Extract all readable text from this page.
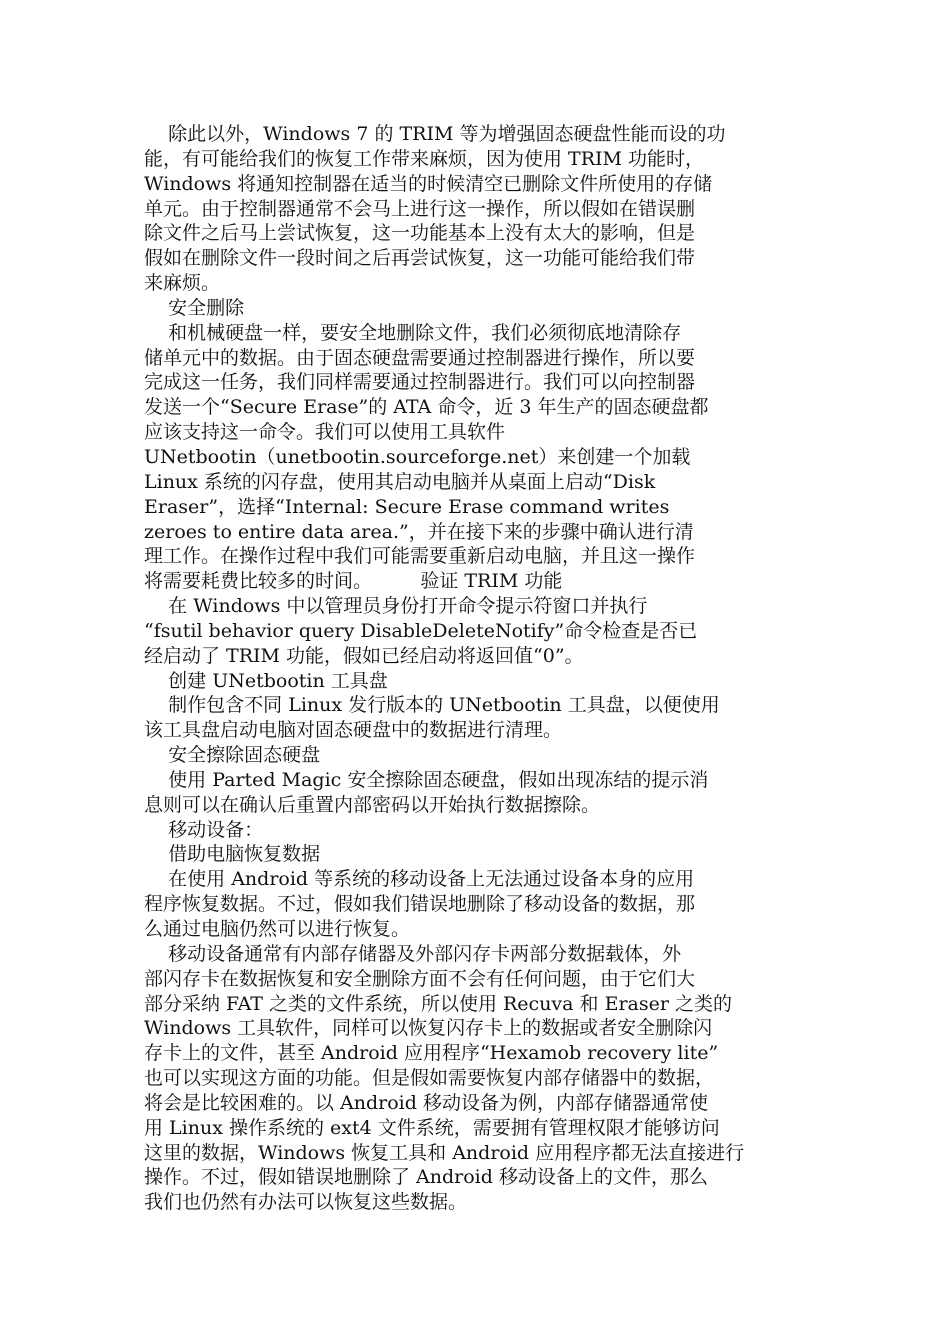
除此以外，Windows 7 的 TRIM 等为增强固态硬盘性能而设的功
能，有可能给我们的恢复工作带来麻烦，因为使用 TRIM 功能时，
Windows 将通知控制器在适当的时候清空已删除文件所使用的存储
单元。由于控制器通常不会马上进行这一操作，所以假如在错误删
除文件之后马上尝试恢复，这一功能基本上没有太大的影响，但是
假如在删除文件一段时间之后再尝试恢复，这一功能可能给我们带
来麻烦。
安全删除
和机械硬盘一样，要安全地删除文件，我们必须彻底地清除存
储单元中的数据。由于固态硬盘需要通过控制器进行操作，所以要
完成这一任务，我们同样需要通过控制器进行。我们可以向控制器
发送一个“Secure Erase”的 ATA 命令，近 3 年生产的固态硬盘都
应该支持这一命令。我们可以使用工具软件
UNetbootin（unetbootin.sourceforge.net）来创建一个加载
Linux 系统的闪存盘，使用其启动电脑并从桌面上启动“Disk
Eraser”，选择“Internal: Secure Erase command writes
zeroes to entire data area.”，并在接下来的步骤中确认进行清
理工作。在操作过程中我们可能需要重新启动电脑，并且这一操作
将需要耗费比较多的时间。        验证 TRIM 功能
在 Windows 中以管理员身份打开命令提示符窗口并执行
“fsutil behavior query DisableDeleteNotify”命令检查是否已
经启动了 TRIM 功能，假如已经启动将返回值“0”。
创建 UNetbootin 工具盘
制作包含不同 Linux 发行版本的 UNetbootin 工具盘，以便使用
该工具盘启动电脑对固态硬盘中的数据进行清理。
安全擦除固态硬盘
使用 Parted Magic 安全擦除固态硬盘，假如出现冻结的提示消
息则可以在确认后重置内部密码以开始执行数据擦除。
移动设备：
借助电脑恢复数据
在使用 Android 等系统的移动设备上无法通过设备本身的应用
程序恢复数据。不过，假如我们错误地删除了移动设备的数据，那
么通过电脑仍然可以进行恢复。
移动设备通常有内部存储器及外部闪存卡两部分数据载体，外
部闪存卡在数据恢复和安全删除方面不会有任何问题，由于它们大
部分采纳 FAT 之类的文件系统，所以使用 Recuva 和 Eraser 之类的
Windows 工具软件，同样可以恢复闪存卡上的数据或者安全删除闪
存卡上的文件，甚至 Android 应用程序“Hexamob recovery lite”
也可以实现这方面的功能。但是假如需要恢复内部存储器中的数据，
将会是比较困难的。以 Android 移动设备为例，内部存储器通常使
用 Linux 操作系统的 ext4 文件系统，需要拥有管理权限才能够访问
这里的数据，Windows 恢复工具和 Android 应用程序都无法直接进行
操作。不过，假如错误地删除了 Android 移动设备上的文件，那么
我们也仍然有办法可以恢复这些数据。
